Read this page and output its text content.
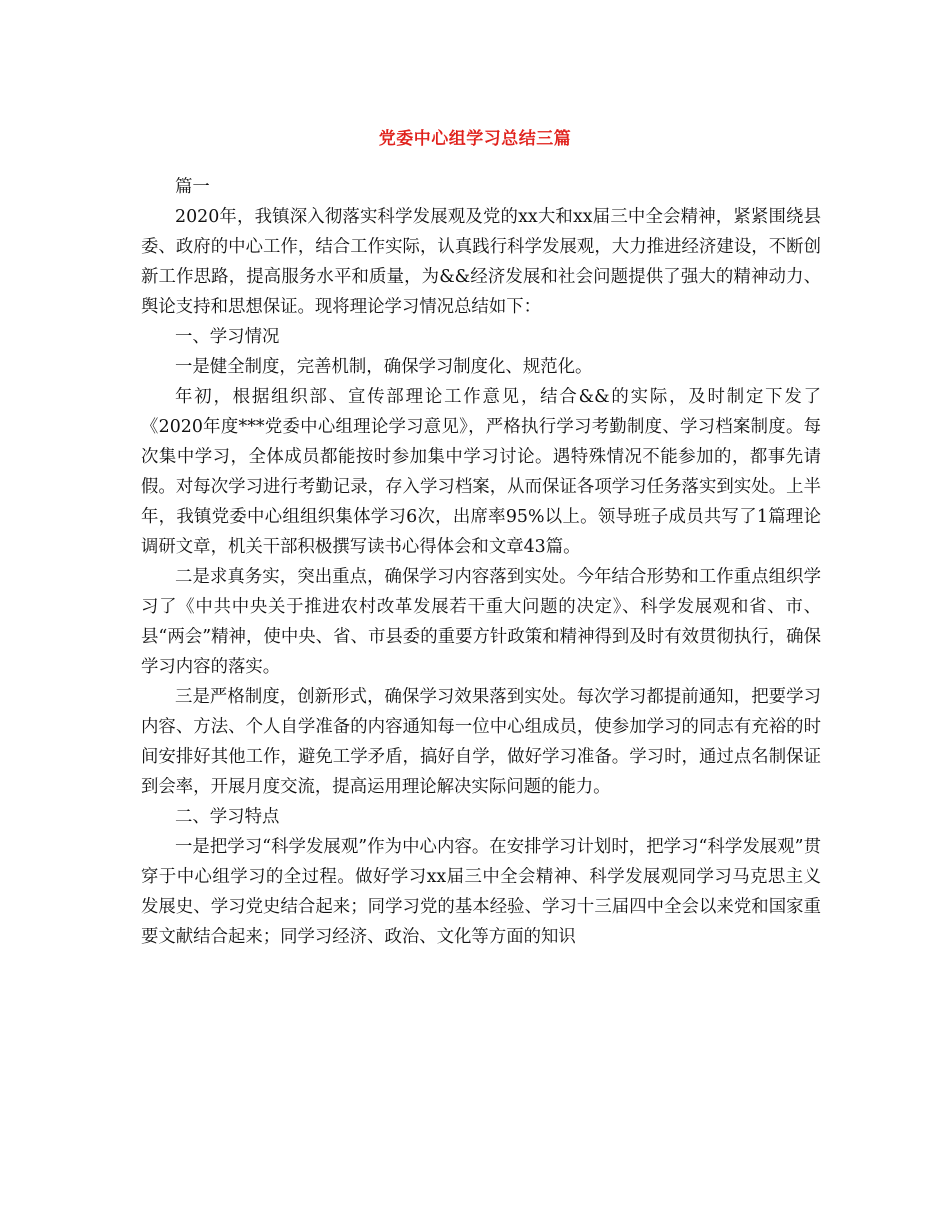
党委中心组学习总结三篇

篇一

2020年，我镇深入彻落实科学发展观及党的xx大和xx届三中全会精神，紧紧围绕县委、政府的中心工作，结合工作实际，认真践行科学发展观，大力推进经济建设，不断创新工作思路，提高服务水平和质量，为&&经济发展和社会问题提供了强大的精神动力、舆论支持和思想保证。现将理论学习情况总结如下：

一、学习情况

一是健全制度，完善机制，确保学习制度化、规范化。

年初，根据组织部、宣传部理论工作意见，结合&&的实际，及时制定下发了《2020年度***党委中心组理论学习意见》，严格执行学习考勤制度、学习档案制度。每次集中学习，全体成员都能按时参加集中学习讨论。遇特殊情况不能参加的，都事先请假。对每次学习进行考勤记录，存入学习档案，从而保证各项学习任务落实到实处。上半年，我镇党委中心组组织集体学习6次，出席率95%以上。领导班子成员共写了1篇理论调研文章，机关干部积极撰写读书心得体会和文章43篇。

二是求真务实，突出重点，确保学习内容落到实处。今年结合形势和工作重点组织学习了《中共中央关于推进农村改革发展若干重大问题的决定》、科学发展观和省、市、县“两会”精神，使中央、省、市县委的重要方针政策和精神得到及时有效贯彻执行，确保学习内容的落实。

三是严格制度，创新形式，确保学习效果落到实处。每次学习都提前通知，把要学习内容、方法、个人自学准备的内容通知每一位中心组成员，使参加学习的同志有充裕的时间安排好其他工作，避免工学矛盾，搞好自学，做好学习准备。学习时，通过点名制保证到会率，开展月度交流，提高运用理论解决实际问题的能力。

二、学习特点

一是把学习“科学发展观”作为中心内容。在安排学习计划时，把学习“科学发展观”贯穿于中心组学习的全过程。做好学习xx届三中全会精神、科学发展观同学习马克思主义发展史、学习党史结合起来；同学习党的基本经验、学习十三届四中全会以来党和国家重要文献结合起来；同学习经济、政治、文化等方面的知识
